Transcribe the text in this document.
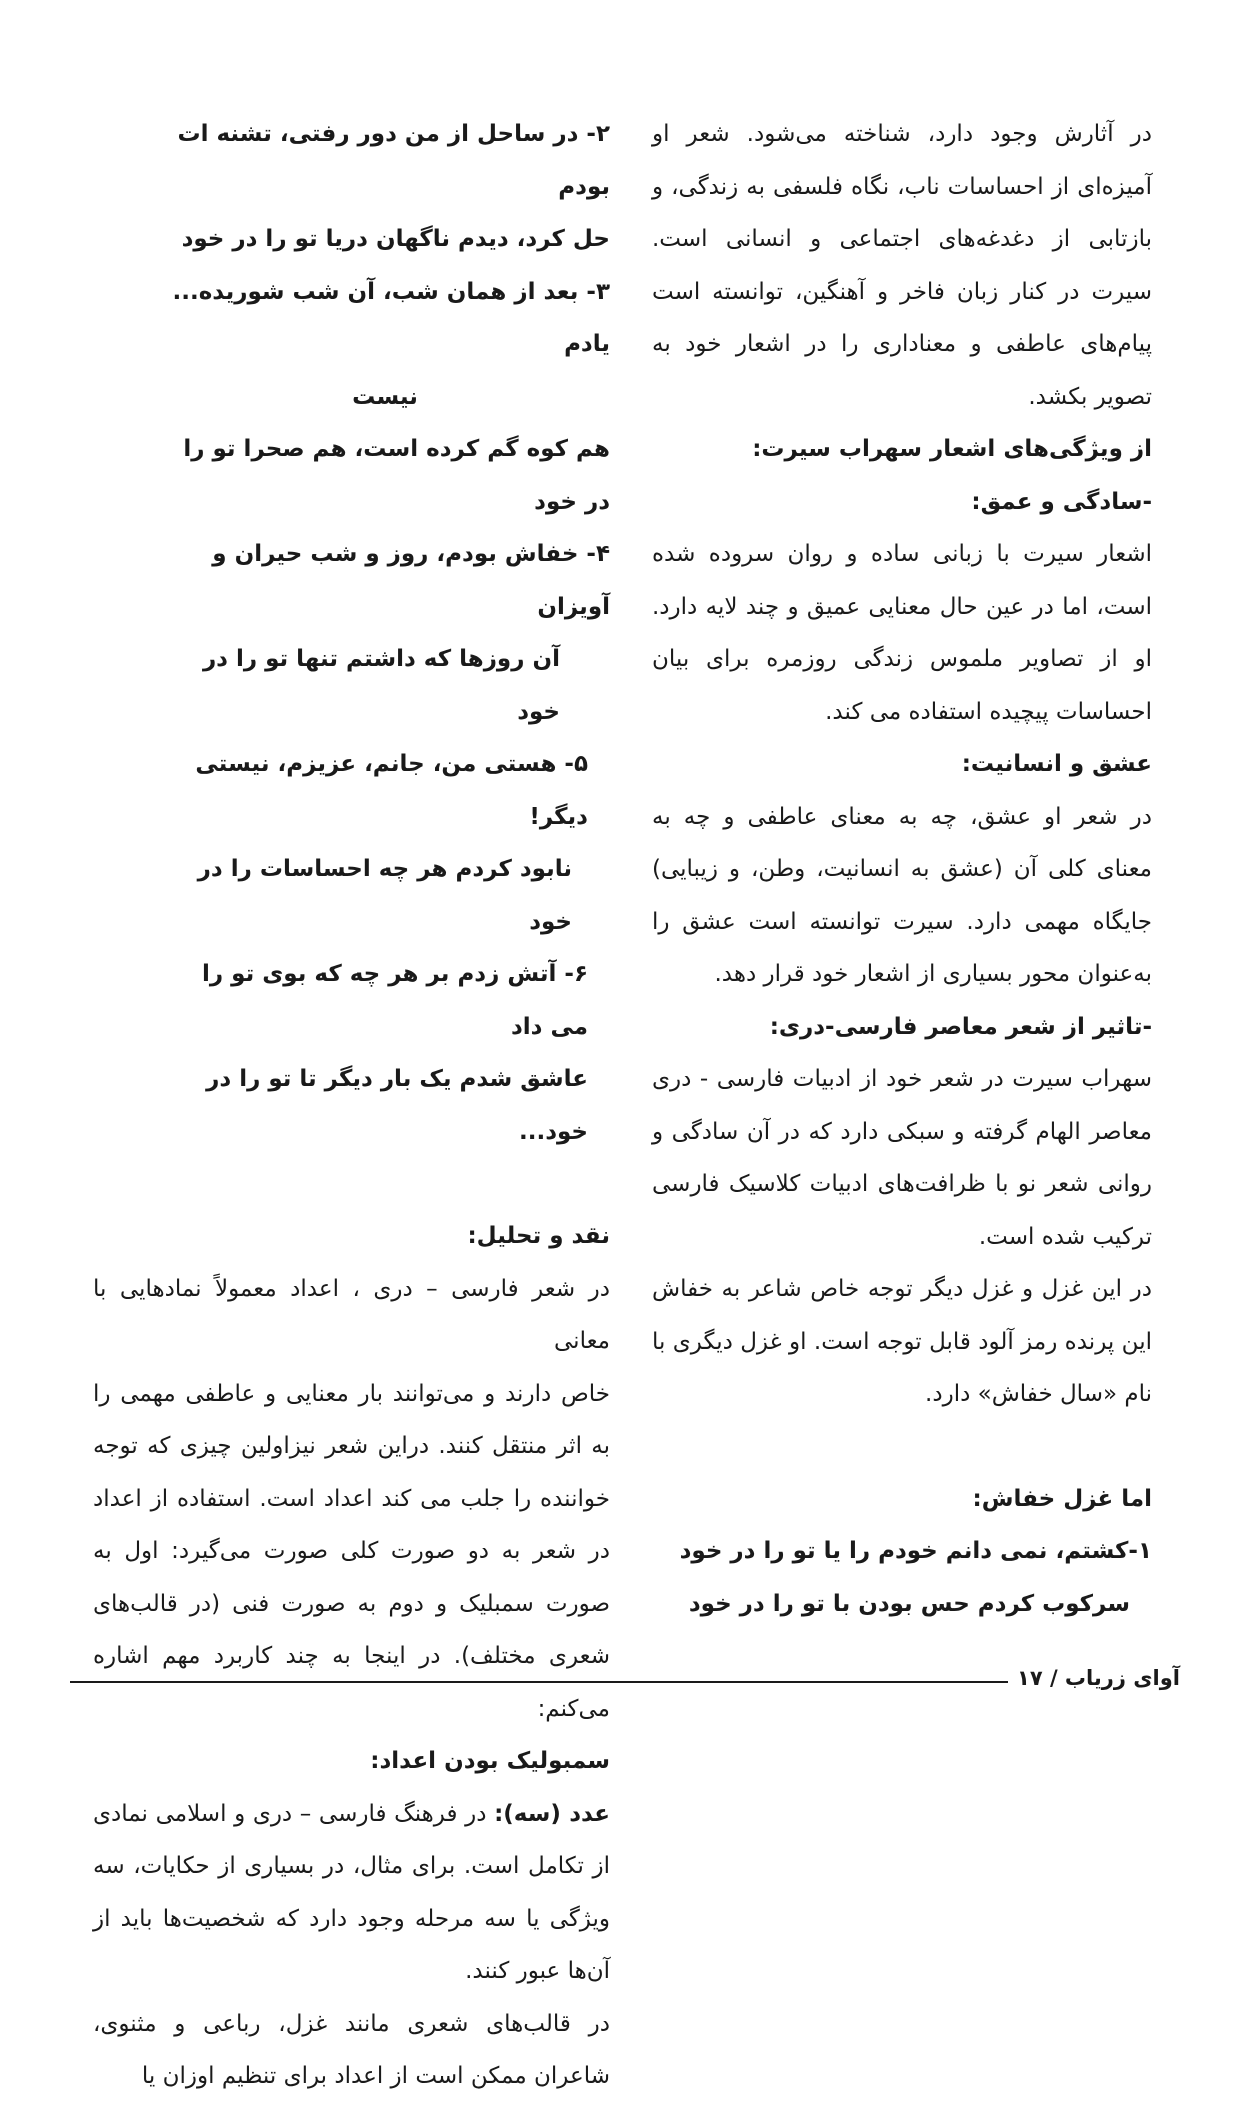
در آثارش وجود دارد، شناخته می‌شود. شعر او آمیزه‌ای از احساسات ناب، نگاه فلسفی به زندگی، و بازتابی از دغدغه‌های اجتماعی و انسانی است. سیرت در کنار زبان فاخر و آهنگین، توانسته است پیام‌های عاطفی و معناداری را در اشعار خود به تصویر بکشد.

از ویژگی‌های اشعار سهراب سیرت:

-سادگی و عمق:

اشعار سیرت با زبانی ساده و روان سروده شده است، اما در عین حال معنایی عمیق و چند لایه دارد. او از تصاویر ملموس زندگی روزمره برای بیان احساسات پیچیده استفاده می کند.

عشق و انسانیت:

در شعر او عشق، چه به معنای عاطفی و چه به معنای کلی آن (عشق به انسانیت، وطن، و زیبایی) جایگاه مهمی دارد. سیرت توانسته است عشق را به‌عنوان محور بسیاری از اشعار خود قرار دهد.

-تاثیر از شعر معاصر فارسی-دری:

سهراب سیرت در شعر خود از ادبیات فارسی - دری معاصر الهام گرفته و سبکی دارد که در آن سادگی و روانی شعر نو با ظرافت‌های ادبیات کلاسیک فارسی ترکیب شده است.

در این غزل و غزل دیگر توجه خاص شاعر به خفاش این پرنده رمز آلود قابل توجه است. او غزل دیگری با نام «سال خفاش» دارد.

اما غزل خفاش:

۱-کشتم، نمی دانم خودم را یا تو را در خود

سرکوب کردم حس بودن با تو را در خود

۲- در ساحل از من دور رفتی، تشنه ات بودم

حل کرد، دیدم ناگهان دریا تو را در خود

۳- بعد از همان شب، آن شب شوریده... یادم

نیست

هم کوه گم کرده است، هم صحرا تو را در خود

۴- خفاش بودم، روز و شب حیران و آویزان

آن روزها که داشتم تنها تو را در خود

۵- هستی من، جانم، عزیزم، نیستی دیگر!

نابود کردم هر چه احساسات را در خود

۶- آتش زدم بر هر چه که بوی تو را می داد

عاشق شدم یک بار دیگر تا تو را در خود...

نقد و تحلیل:

در شعر فارسی – دری ، اعداد معمولاً نمادهایی با معانی

خاص دارند و می‌توانند بار معنایی و عاطفی مهمی را به اثر منتقل کنند. دراین شعر نیزاولین چیزی که توجه خواننده را جلب می کند اعداد است. استفاده از اعداد در شعر به دو صورت کلی صورت می‌گیرد: اول به صورت سمبلیک و دوم به صورت فنی (در قالب‌های شعری مختلف). در اینجا به چند کاربرد مهم اشاره می‌کنم:

سمبولیک بودن اعداد:

عدد (سه): در فرهنگ فارسی – دری و اسلامی نمادی از تکامل است. برای مثال، در بسیاری از حکایات، سه ویژگی یا سه مرحله وجود دارد که شخصیت‌ها باید از آن‌ها عبور کنند.

در قالب‌های شعری مانند غزل، رباعی و مثنوی، شاعران ممکن است از اعداد برای تنظیم اوزان یا

آوای زریاب / ۱۷
